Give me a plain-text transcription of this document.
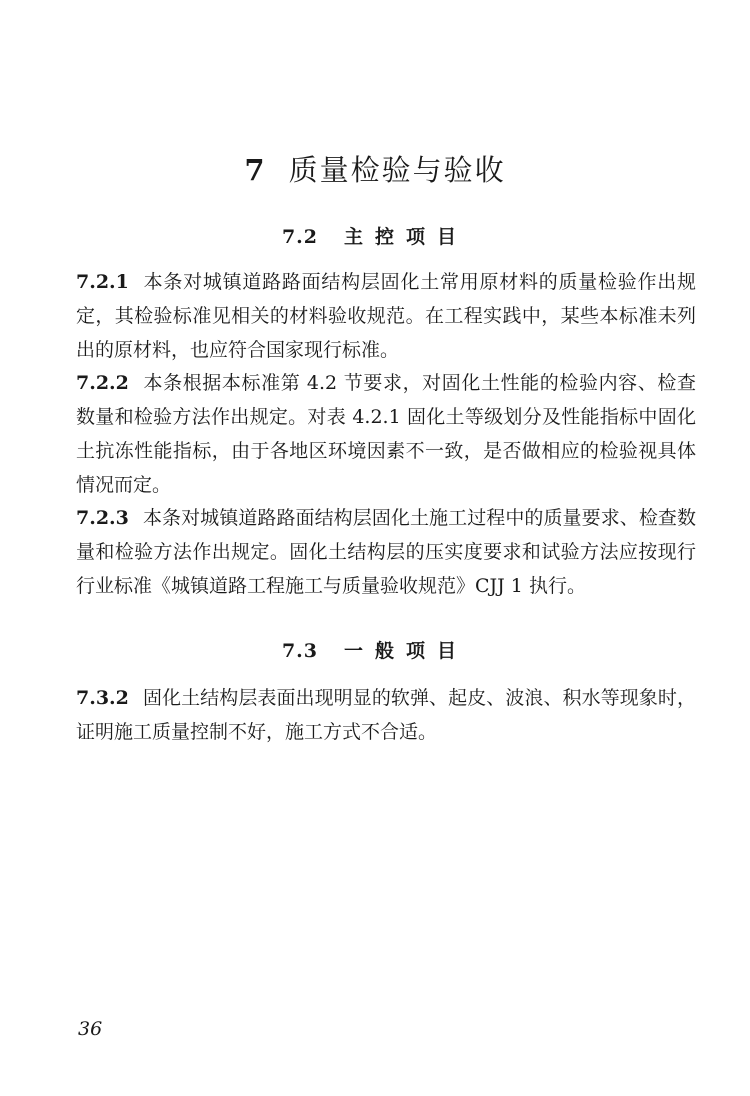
7 质量检验与验收
7.2 主控项目
7.2.1 本条对城镇道路路面结构层固化土常用原材料的质量检验作出规定，其检验标准见相关的材料验收规范。在工程实践中，某些本标准未列出的原材料，也应符合国家现行标准。
7.2.2 本条根据本标准第 4.2 节要求，对固化土性能的检验内容、检查数量和检验方法作出规定。对表 4.2.1 固化土等级划分及性能指标中固化土抗冻性能指标，由于各地区环境因素不一致，是否做相应的检验视具体情况而定。
7.2.3 本条对城镇道路路面结构层固化土施工过程中的质量要求、检查数量和检验方法作出规定。固化土结构层的压实度要求和试验方法应按现行行业标准《城镇道路工程施工与质量验收规范》CJJ 1 执行。
7.3 一般项目
7.3.2 固化土结构层表面出现明显的软弹、起皮、波浪、积水等现象时，证明施工质量控制不好，施工方式不合适。
36
